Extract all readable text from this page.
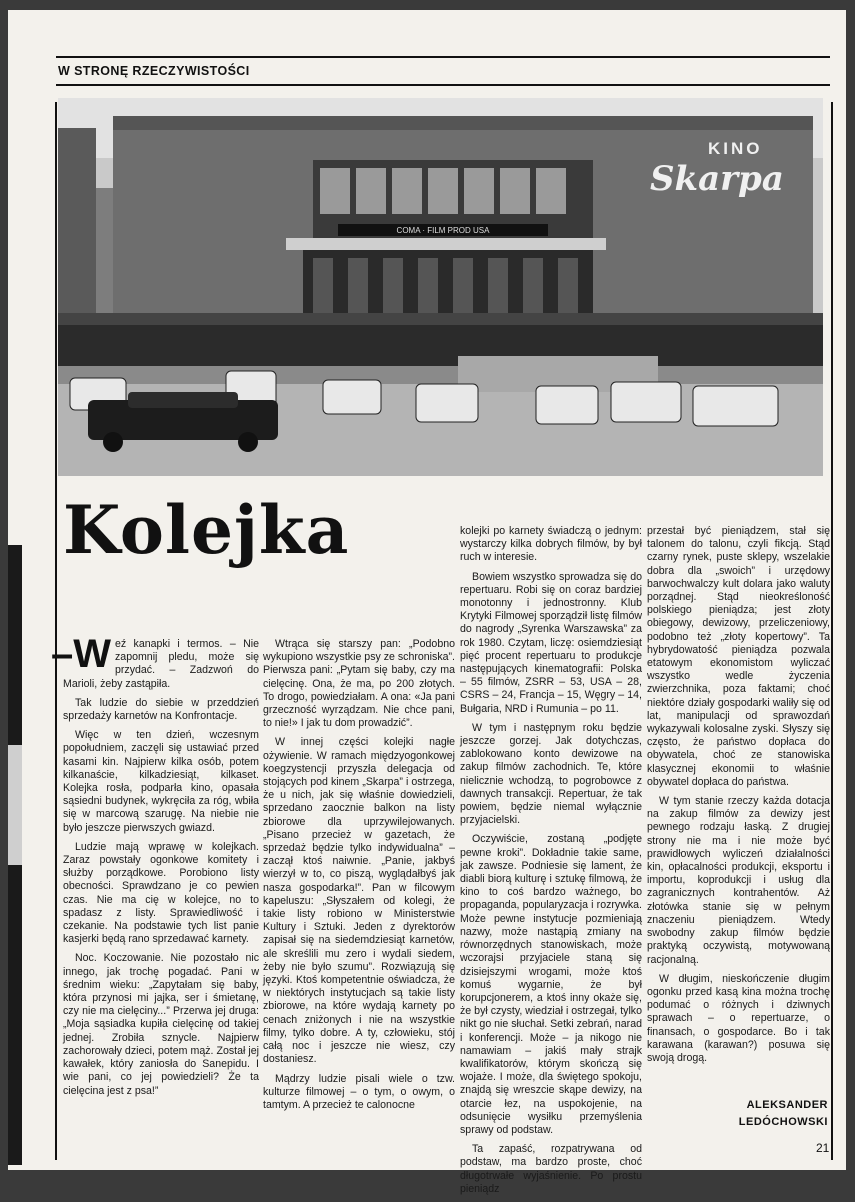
W STRONĘ RZECZYWISTOŚCI
COMA · FILM PROD USA
KINO
Skarpa
Kolejka

–W eź kanapki i termos. – Nie zapomnij pledu, może się przydać. – Zadzwoń do Marioli, żeby zastąpiła.

Tak ludzie do siebie w przeddzień sprzedaży karnetów na Konfrontacje.

Więc w ten dzień, wczesnym popołudniem, zaczęli się ustawiać przed kasami kin. Najpierw kilka osób, potem kilkanaście, kilkadziesiąt, kilkaset. Kolejka rosła, podparła kino, opasała sąsiedni budynek, wykręciła za róg, wbiła się w marcową szarugę. Na niebie nie było jeszcze pierwszych gwiazd.

Ludzie mają wprawę w kolejkach. Zaraz powstały ogonkowe komitety i służby porządkowe. Porobiono listy obecności. Sprawdzano je co pewien czas. Nie ma cię w kolejce, no to spadasz z listy. Sprawiedliwość i czekanie. Na podstawie tych list panie kasjerki będą rano sprzedawać karnety.

Noc. Koczowanie. Nie pozostało nic innego, jak trochę pogadać. Pani w średnim wieku: „Zapytałam się baby, która przynosi mi jajka, ser i śmietanę, czy nie ma cielęciny...” Przerwa jej druga: „Moja sąsiadka kupiła cielęcinę od takiej jednej. Zrobiła sznycle. Najpierw zachorowały dzieci, potem mąż. Został jej kawałek, który zaniosła do Sanepidu. I wie pani, co jej powiedzieli? Że ta cielęcina jest z psa!”

Wtrąca się starszy pan: „Podobno wykupiono wszystkie psy ze schroniska”. Pierwsza pani: „Pytam się baby, czy ma cielęcinę. Ona, że ma, po 200 złotych. To drogo, powiedziałam. A ona: «Ja pani grzeczność wyrządzam. Nie chce pani, to nie!» I jak tu dom prowadzić”.

W innej części kolejki nagłe ożywienie. W ramach międzyogonkowej koegzystencji przyszła delegacja od stojących pod kinem „Skarpa” i ostrzega, że u nich, jak się właśnie dowiedzieli, sprzedano zaocznie balkon na listy zbiorowe dla uprzywilejowanych. „Pisano przecież w gazetach, że sprzedaż będzie tylko indywidualna” – zaczął ktoś naiwnie. „Panie, jakbyś wierzył w to, co piszą, wyglądałbyś jak nasza gospodarka!”. Pan w filcowym kapeluszu: „Słyszałem od kolegi, że takie listy robiono w Ministerstwie Kultury i Sztuki. Jeden z dyrektorów zapisał się na siedemdziesiąt karnetów, ale skreślili mu zero i wydali siedem, żeby nie było szumu”. Rozwiązują się języki. Ktoś kompetentnie oświadcza, że w niektórych instytucjach są takie listy zbiorowe, na które wydają karnety po cenach zniżonych i nie na wszystkie filmy, tylko dobre. A ty, człowieku, stój całą noc i jeszcze nie wiesz, czy dostaniesz.

Mądrzy ludzie pisali wiele o tzw. kulturze filmowej – o tym, o owym, o tamtym. A przecież te calonocne

kolejki po karnety świadczą o jednym: wystarczy kilka dobrych filmów, by był ruch w interesie.

Bowiem wszystko sprowadza się do repertuaru. Robi się on coraz bardziej monotonny i jednostronny. Klub Krytyki Filmowej sporządził listę filmów do nagrody „Syrenka Warszawska” za rok 1980. Czytam, liczę: osiemdziesiąt pięć procent repertuaru to produkcje następujących kinematografii: Polska – 55 filmów, ZSRR – 53, USA – 28, CSRS – 24, Francja – 15, Węgry – 14, Bułgaria, NRD i Rumunia – po 11.

W tym i następnym roku będzie jeszcze gorzej. Jak dotychczas, zablokowano konto dewizowe na zakup filmów zachodnich. Te, które nielicznie wchodzą, to pogrobowce z dawnych transakcji. Repertuar, że tak powiem, będzie niemal wyłącznie przyjacielski.

Oczywiście, zostaną „podjęte pewne kroki”. Dokładnie takie same, jak zawsze. Podniesie się lament, że diabli biorą kulturę i sztukę filmową, że kino to coś bardzo ważnego, bo propaganda, popularyzacja i rozrywka. Może pewne instytucje pozmieniają nazwy, może nastąpią zmiany na równorzędnych stanowiskach, może wczorajsi przyjaciele staną się dzisiejszymi wrogami, może ktoś komuś wygarnie, że był korupcjonerem, a ktoś inny okaże się, że był czysty, wiedział i ostrzegał, tylko nikt go nie słuchał. Setki zebrań, narad i konferencji. Może – ja nikogo nie namawiam – jakiś mały strajk kwalifikatorów, którym skończą się wojaże. I może, dla świętego spokoju, znajdą się wreszcie skąpe dewizy, na otarcie łez, na uspokojenie, na odsunięcie wysiłku przemyślenia sprawy od podstaw.

Ta zapaść, rozpatrywana od podstaw, ma bardzo proste, choć długotrwałe wyjaśnienie. Po prostu pieniądz

przestał być pieniądzem, stał się talonem do talonu, czyli fikcją. Stąd czarny rynek, puste sklepy, wszelakie dobra dla „swoich” i urzędowy barwochwalczy kult dolara jako waluty porządnej. Stąd nieokreśloność polskiego pieniądza; jest złoty obiegowy, dewizowy, przeliczeniowy, podobno też „złoty kopertowy”. Ta hybrydowatość pieniądza pozwala etatowym ekonomistom wyliczać wszystko wedle życzenia zwierzchnika, poza faktami; choć niektóre działy gospodarki waliły się od lat, manipulacji od sprawozdań wykazywali kolosalne zyski. Słyszy się często, że państwo dopłaca do obywatela, choć ze stanowiska klasycznej ekonomii to właśnie obywatel dopłaca do państwa.

W tym stanie rzeczy każda dotacja na zakup filmów za dewizy jest pewnego rodzaju łaską. Z drugiej strony nie ma i nie może być prawidłowych wyliczeń działalności kin, opłacalności produkcji, eksportu i importu, koprodukcji i usług dla zagranicznych kontrahentów. Aż złotówka stanie się w pełnym znaczeniu pieniądzem. Wtedy swobodny zakup filmów będzie praktyką oczywistą, motywowaną racjonalną.

W długim, nieskończenie długim ogonku przed kasą kina można trochę podumać o różnych i dziwnych sprawach – o repertuarze, o finansach, o gospodarce. Bo i tak karawana (karawan?) posuwa się swoją drogą.

ALEKSANDER
LEDÓCHOWSKI
21
